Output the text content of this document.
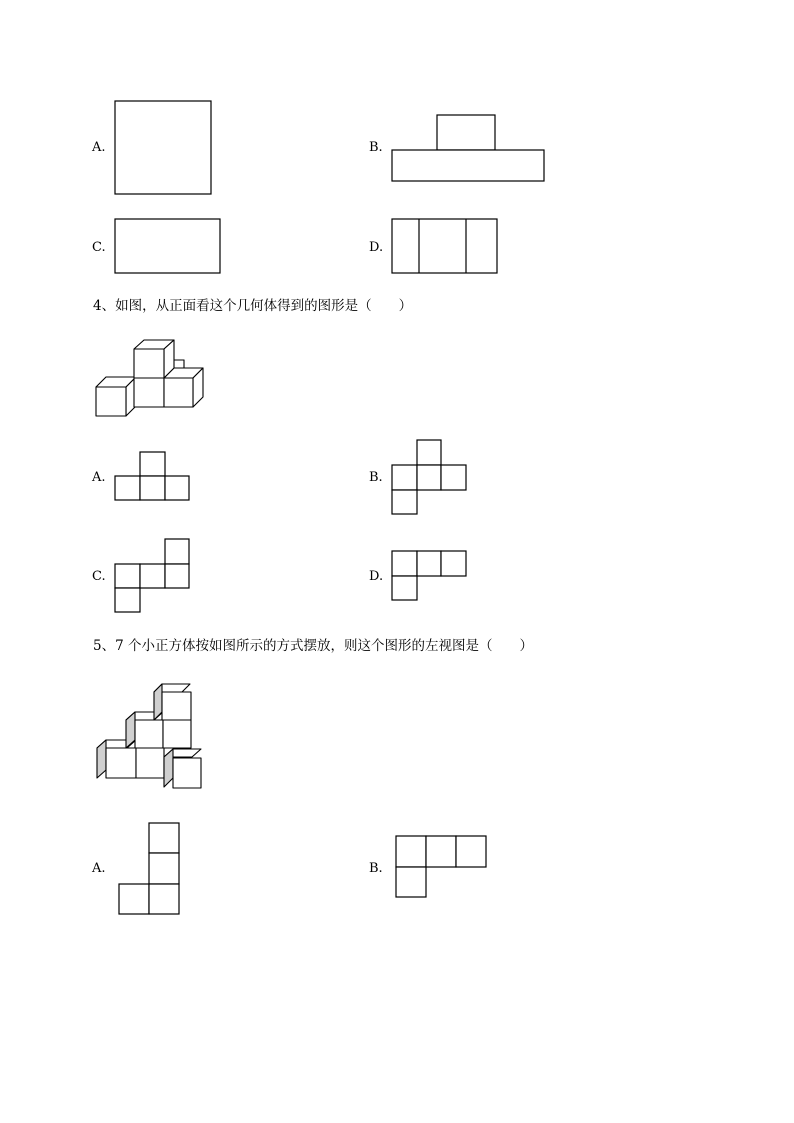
A.	B.
C.	D.
4、如图，从正面看这个几何体得到的图形是（　　）
A.	B.
C.	D.
5、7 个小正方体按如图所示的方式摆放，则这个图形的左视图是（　　）
A.	B.
